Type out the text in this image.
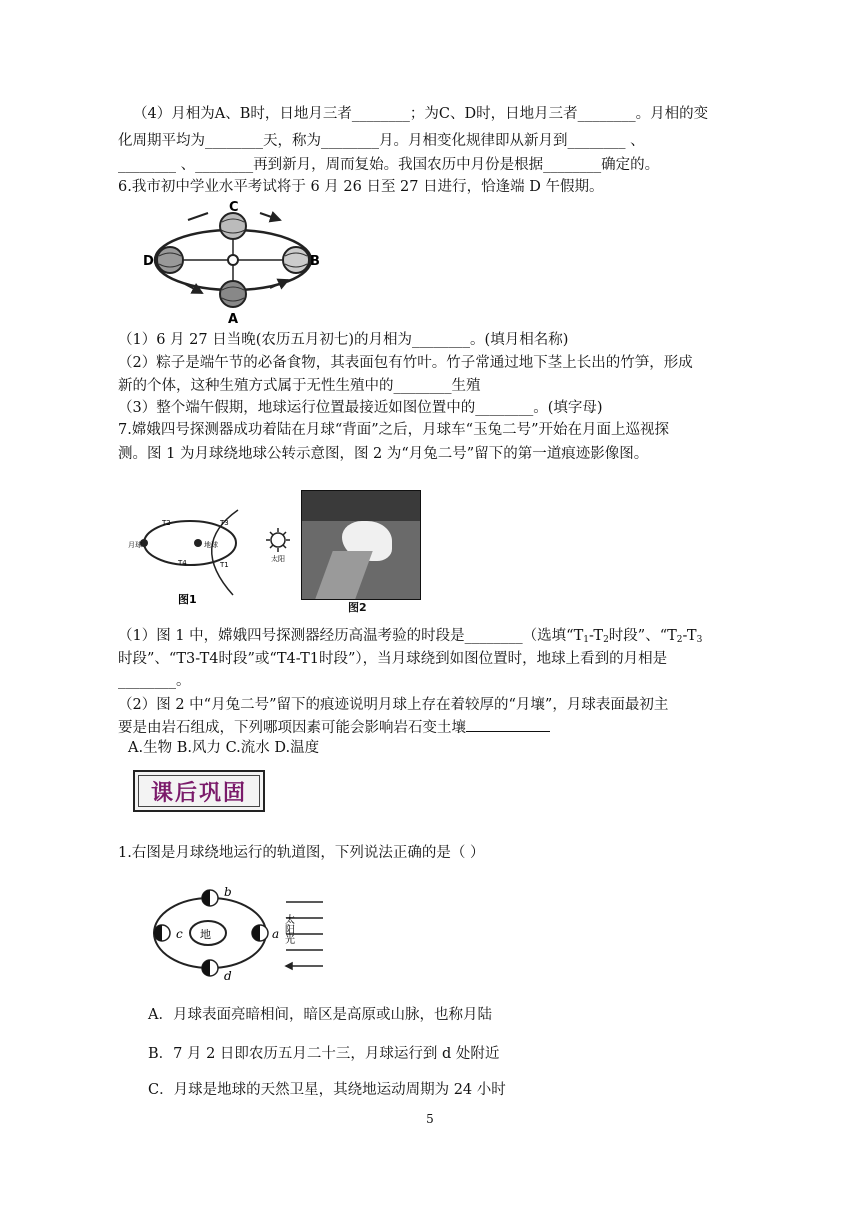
（4）月相为A、B时，日地月三者________；为C、D时，日地月三者________。月相的变
化周期平均为________天，称为________月。月相变化规律即从新月到________ 、
________ 、________再到新月，周而复始。我国农历中月份是根据________确定的。
6.我市初中学业水平考试将于 6 月 26 日至 27 日进行，恰逢端 D 午假期。
C
D	B
A
（1）6 月 27 日当晚(农历五月初七)的月相为________。(填月相名称)
（2）粽子是端午节的必备食物，其表面包有竹叶。竹子常通过地下茎上长出的竹笋，形成
新的个体，这种生殖方式属于无性生殖中的________生殖
（3）整个端午假期，地球运行位置最接近如图位置中的________。(填字母)
7.嫦娥四号探测器成功着陆在月球“背面”之后，月球车“玉兔二号”开始在月面上巡视探
测。图 1 为月球绕地球公转示意图，图 2 为“月兔二号”留下的第一道痕迹影像图。
月球	地球
T2	T3
T4	T1
太阳
图1
图2
（1）图 1 中，嫦娥四号探测器经历高温考验的时段是________（选填“$T_1-T_2$时段”、“$T_2-T_3$
时段”、“T3-T4时段”或“T4-T1时段”），当月球绕到如图位置时，地球上看到的月相是
________。
（2）图 2 中“月兔二号”留下的痕迹说明月球上存在着较厚的“月壤”，月球表面最初主
要是由岩石组成，下列哪项因素可能会影响岩石变土壤
A.生物 B.风力 C.流水 D.温度
课后巩固
1.右图是月球绕地运行的轨道图，下列说法正确的是（ ）
地
b
d
c	a 太阳光
A．月球表面亮暗相间，暗区是高原或山脉，也称月陆
B．7 月 2 日即农历五月二十三，月球运行到 d 处附近
C．月球是地球的天然卫星，其绕地运动周期为 24 小时
5
